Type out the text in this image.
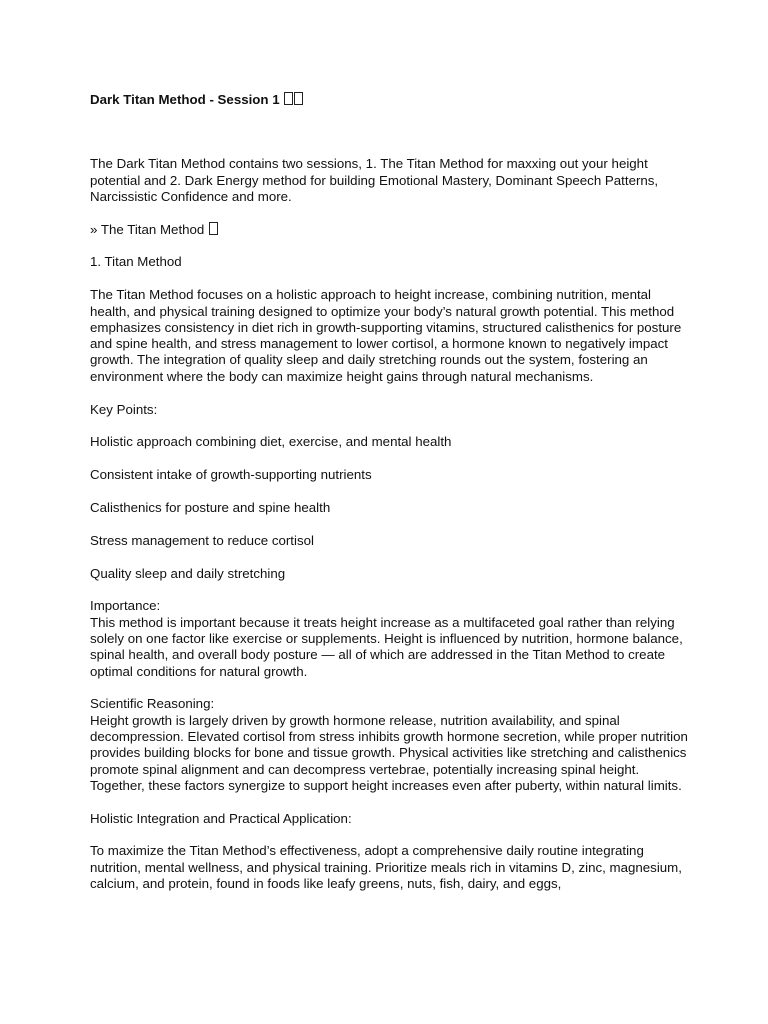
Dark Titan Method - Session 1

The Dark Titan Method contains two sessions, 1. The Titan Method for maxxing out your height potential and 2. Dark Energy method for building Emotional Mastery, Dominant Speech Patterns, Narcissistic Confidence and more.

» The Titan Method

1. Titan Method

The Titan Method focuses on a holistic approach to height increase, combining nutrition, mental health, and physical training designed to optimize your body’s natural growth potential. This method emphasizes consistency in diet rich in growth-supporting vitamins, structured calisthenics for posture and spine health, and stress management to lower cortisol, a hormone known to negatively impact growth. The integration of quality sleep and daily stretching rounds out the system, fostering an environment where the body can maximize height gains through natural mechanisms.

Key Points:

Holistic approach combining diet, exercise, and mental health

Consistent intake of growth-supporting nutrients

Calisthenics for posture and spine health

Stress management to reduce cortisol

Quality sleep and daily stretching

Importance:

This method is important because it treats height increase as a multifaceted goal rather than relying solely on one factor like exercise or supplements. Height is influenced by nutrition, hormone balance, spinal health, and overall body posture — all of which are addressed in the Titan Method to create optimal conditions for natural growth.

Scientific Reasoning:

Height growth is largely driven by growth hormone release, nutrition availability, and spinal decompression. Elevated cortisol from stress inhibits growth hormone secretion, while proper nutrition provides building blocks for bone and tissue growth. Physical activities like stretching and calisthenics promote spinal alignment and can decompress vertebrae, potentially increasing spinal height. Together, these factors synergize to support height increases even after puberty, within natural limits.

Holistic Integration and Practical Application:

To maximize the Titan Method’s effectiveness, adopt a comprehensive daily routine integrating nutrition, mental wellness, and physical training. Prioritize meals rich in vitamins D, zinc, magnesium, calcium, and protein, found in foods like leafy greens, nuts, fish, dairy, and eggs,
